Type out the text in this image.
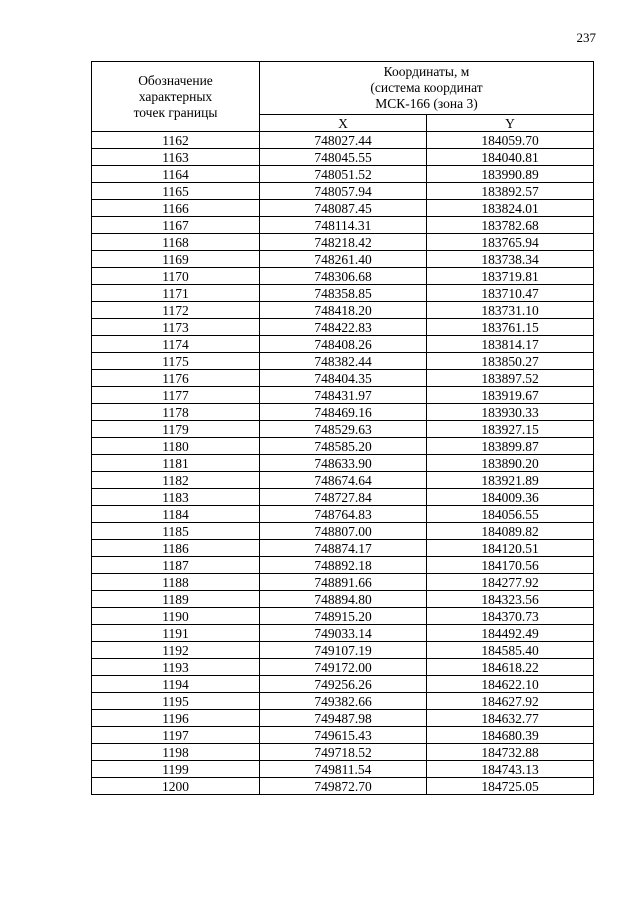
237
Обозначение
характерных
точек границы	Координаты, м
(система координат
МСК-166 (зона 3)	
	X	Y
1162	748027.44	184059.70
1163	748045.55	184040.81
1164	748051.52	183990.89
1165	748057.94	183892.57
1166	748087.45	183824.01
1167	748114.31	183782.68
1168	748218.42	183765.94
1169	748261.40	183738.34
1170	748306.68	183719.81
1171	748358.85	183710.47
1172	748418.20	183731.10
1173	748422.83	183761.15
1174	748408.26	183814.17
1175	748382.44	183850.27
1176	748404.35	183897.52
1177	748431.97	183919.67
1178	748469.16	183930.33
1179	748529.63	183927.15
1180	748585.20	183899.87
1181	748633.90	183890.20
1182	748674.64	183921.89
1183	748727.84	184009.36
1184	748764.83	184056.55
1185	748807.00	184089.82
1186	748874.17	184120.51
1187	748892.18	184170.56
1188	748891.66	184277.92
1189	748894.80	184323.56
1190	748915.20	184370.73
1191	749033.14	184492.49
1192	749107.19	184585.40
1193	749172.00	184618.22
1194	749256.26	184622.10
1195	749382.66	184627.92
1196	749487.98	184632.77
1197	749615.43	184680.39
1198	749718.52	184732.88
1199	749811.54	184743.13
1200	749872.70	184725.05
